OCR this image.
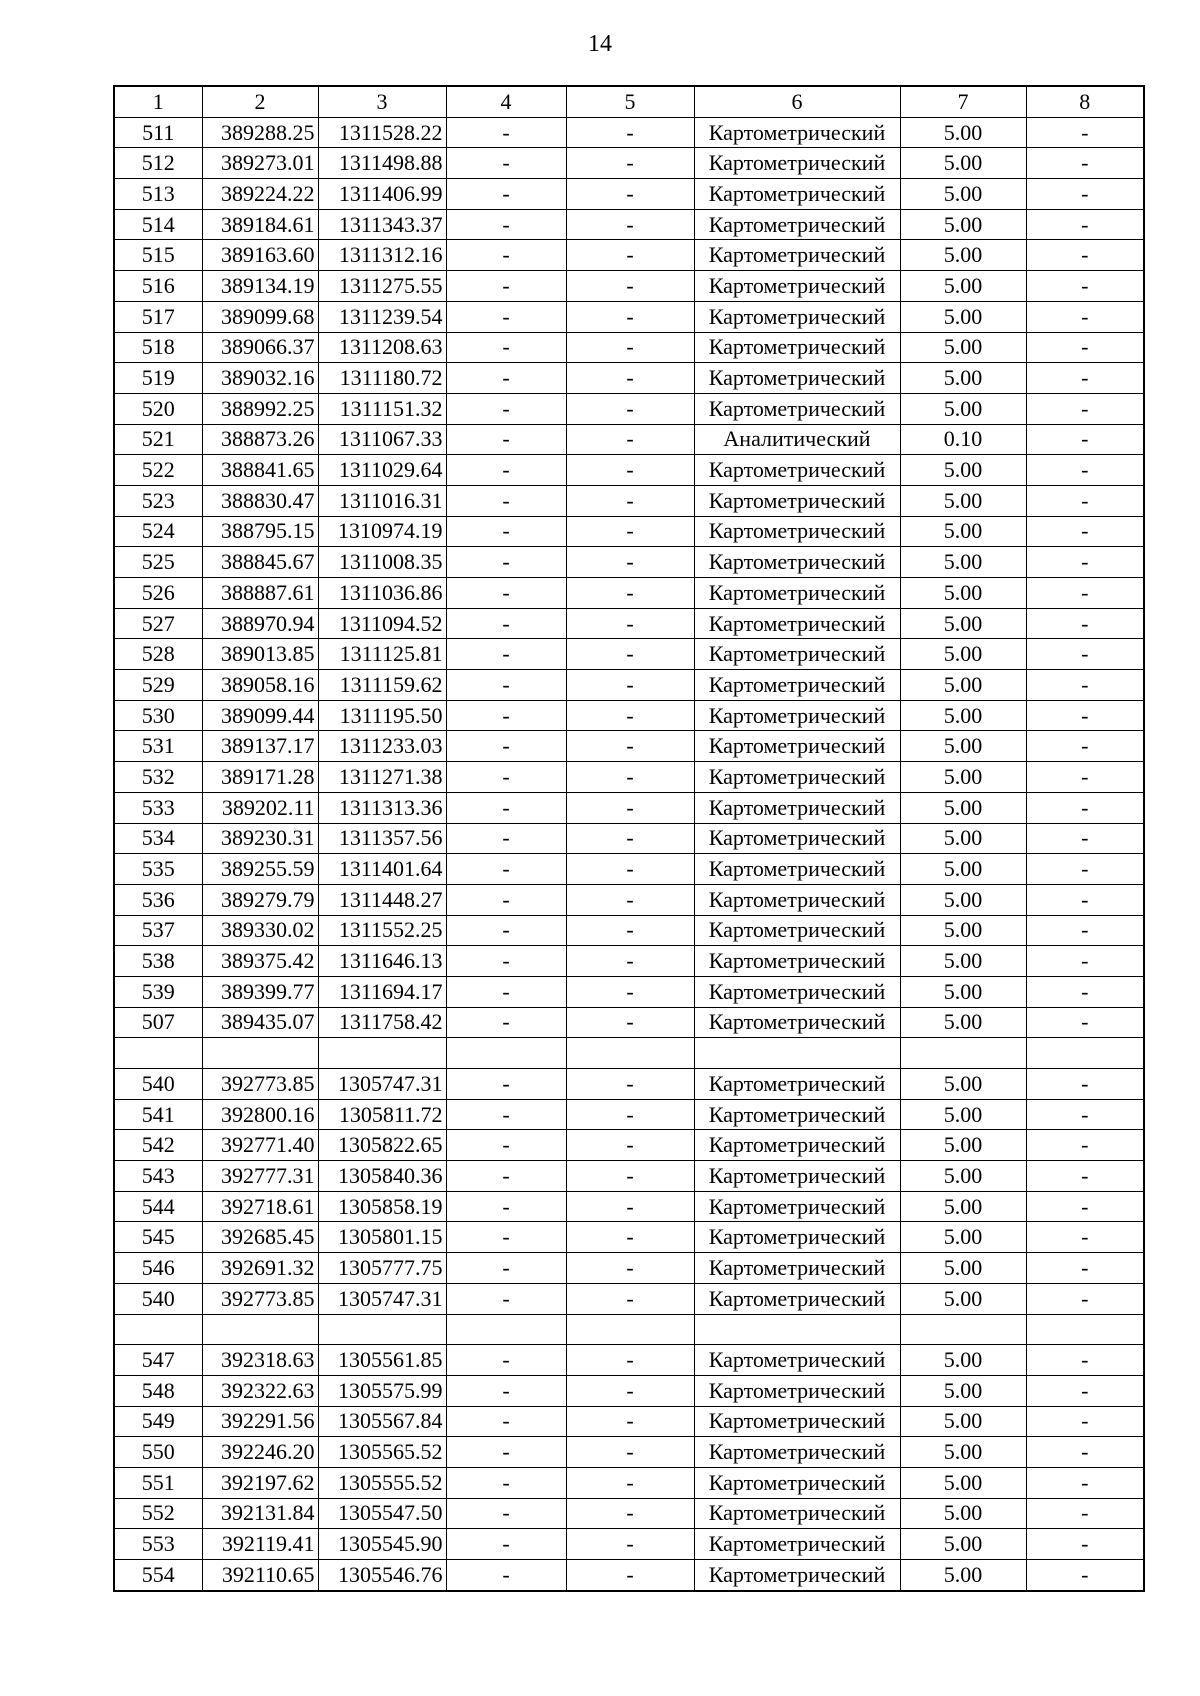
14
1	2	3	4	5	6	7	8
511	389288.25	1311528.22	-	-	Картометрический	5.00	-
512	389273.01	1311498.88	-	-	Картометрический	5.00	-
513	389224.22	1311406.99	-	-	Картометрический	5.00	-
514	389184.61	1311343.37	-	-	Картометрический	5.00	-
515	389163.60	1311312.16	-	-	Картометрический	5.00	-
516	389134.19	1311275.55	-	-	Картометрический	5.00	-
517	389099.68	1311239.54	-	-	Картометрический	5.00	-
518	389066.37	1311208.63	-	-	Картометрический	5.00	-
519	389032.16	1311180.72	-	-	Картометрический	5.00	-
520	388992.25	1311151.32	-	-	Картометрический	5.00	-
521	388873.26	1311067.33	-	-	Аналитический	0.10	-
522	388841.65	1311029.64	-	-	Картометрический	5.00	-
523	388830.47	1311016.31	-	-	Картометрический	5.00	-
524	388795.15	1310974.19	-	-	Картометрический	5.00	-
525	388845.67	1311008.35	-	-	Картометрический	5.00	-
526	388887.61	1311036.86	-	-	Картометрический	5.00	-
527	388970.94	1311094.52	-	-	Картометрический	5.00	-
528	389013.85	1311125.81	-	-	Картометрический	5.00	-
529	389058.16	1311159.62	-	-	Картометрический	5.00	-
530	389099.44	1311195.50	-	-	Картометрический	5.00	-
531	389137.17	1311233.03	-	-	Картометрический	5.00	-
532	389171.28	1311271.38	-	-	Картометрический	5.00	-
533	389202.11	1311313.36	-	-	Картометрический	5.00	-
534	389230.31	1311357.56	-	-	Картометрический	5.00	-
535	389255.59	1311401.64	-	-	Картометрический	5.00	-
536	389279.79	1311448.27	-	-	Картометрический	5.00	-
537	389330.02	1311552.25	-	-	Картометрический	5.00	-
538	389375.42	1311646.13	-	-	Картометрический	5.00	-
539	389399.77	1311694.17	-	-	Картометрический	5.00	-
507	389435.07	1311758.42	-	-	Картометрический	5.00	-

540	392773.85	1305747.31	-	-	Картометрический	5.00	-
541	392800.16	1305811.72	-	-	Картометрический	5.00	-
542	392771.40	1305822.65	-	-	Картометрический	5.00	-
543	392777.31	1305840.36	-	-	Картометрический	5.00	-
544	392718.61	1305858.19	-	-	Картометрический	5.00	-
545	392685.45	1305801.15	-	-	Картометрический	5.00	-
546	392691.32	1305777.75	-	-	Картометрический	5.00	-
540	392773.85	1305747.31	-	-	Картометрический	5.00	-

547	392318.63	1305561.85	-	-	Картометрический	5.00	-
548	392322.63	1305575.99	-	-	Картометрический	5.00	-
549	392291.56	1305567.84	-	-	Картометрический	5.00	-
550	392246.20	1305565.52	-	-	Картометрический	5.00	-
551	392197.62	1305555.52	-	-	Картометрический	5.00	-
552	392131.84	1305547.50	-	-	Картометрический	5.00	-
553	392119.41	1305545.90	-	-	Картометрический	5.00	-
554	392110.65	1305546.76	-	-	Картометрический	5.00	-
